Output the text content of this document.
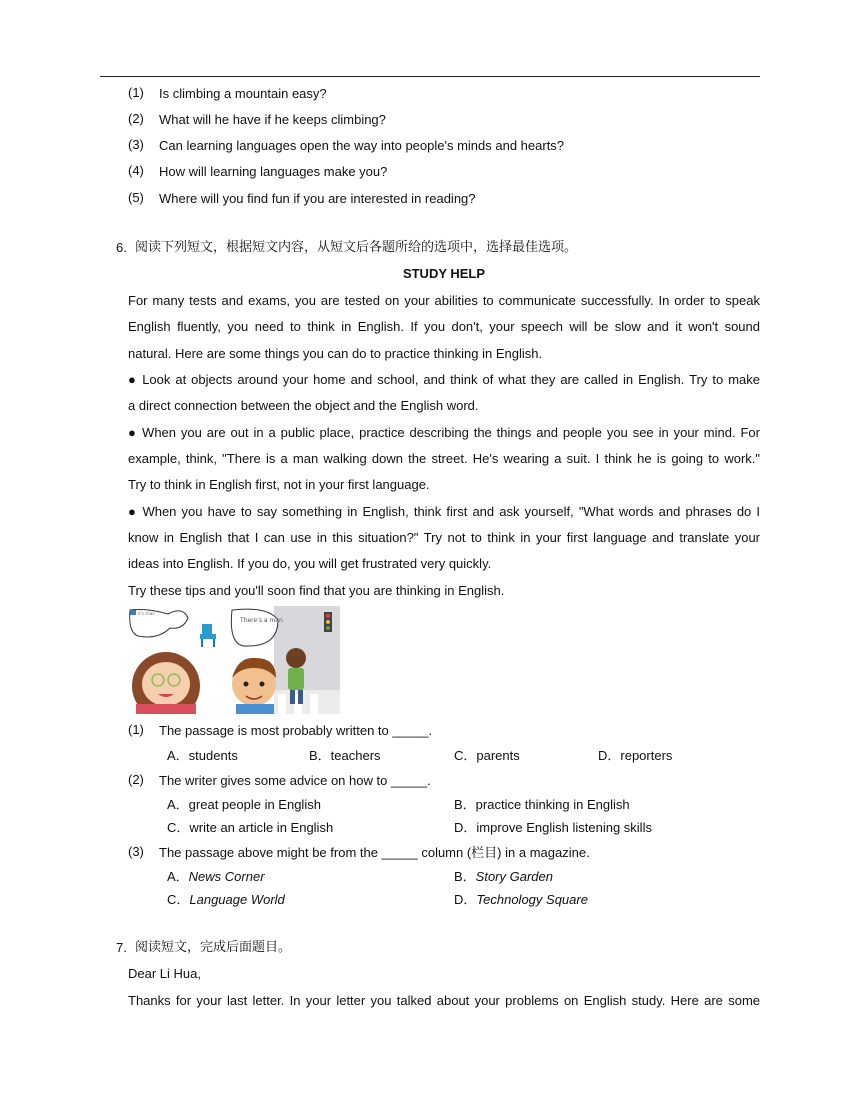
(1) Is climbing a mountain easy?
(2) What will he have if he keeps climbing?
(3) Can learning languages open the way into people's minds and hearts?
(4) How will learning languages make you?
(5) Where will you find fun if you are interested in reading?
6. 阅读下列短文，根据短文内容，从短文后各题所给的选项中，选择最佳选项。
STUDY HELP
For many tests and exams, you are tested on your abilities to communicate successfully. In order to speak
English fluently, you need to think in English. If you don't, your speech will be slow and it won't sound
natural. Here are some things you can do to practice thinking in English.
● Look at objects around your home and school, and think of what they are called in English. Try to make
a direct connection between the object and the English word.
● When you are out in a public place, practice describing the things and people you see in your mind. For
example, think, "There is a man walking down the street. He's wearing a suit. I think he is going to work."
Try to think in English first, not in your first language.
● When you have to say something in English, think first and ask yourself, "What words and phrases do I
know in English that I can use in this situation?" Try not to think in your first language and translate your
ideas into English. If you do, you will get frustrated very quickly.
Try these tips and you'll soon find that you are thinking in English.
it's chair
There's a man
(1) The passage is most probably written to _____.
A．students	B．teachers	C．parents	D．reporters
(2) The writer gives some advice on how to _____.
A．great people in English	B．practice thinking in English
C．write an article in English	D．improve English listening skills
(3) The passage above might be from the _____ column (栏目) in a magazine.
A．News Corner	B．Story Garden
C．Language World	D．Technology Square
7. 阅读短文，完成后面题目。
Dear Li Hua,
Thanks for your last letter. In your letter you talked about your problems on English study. Here are some
